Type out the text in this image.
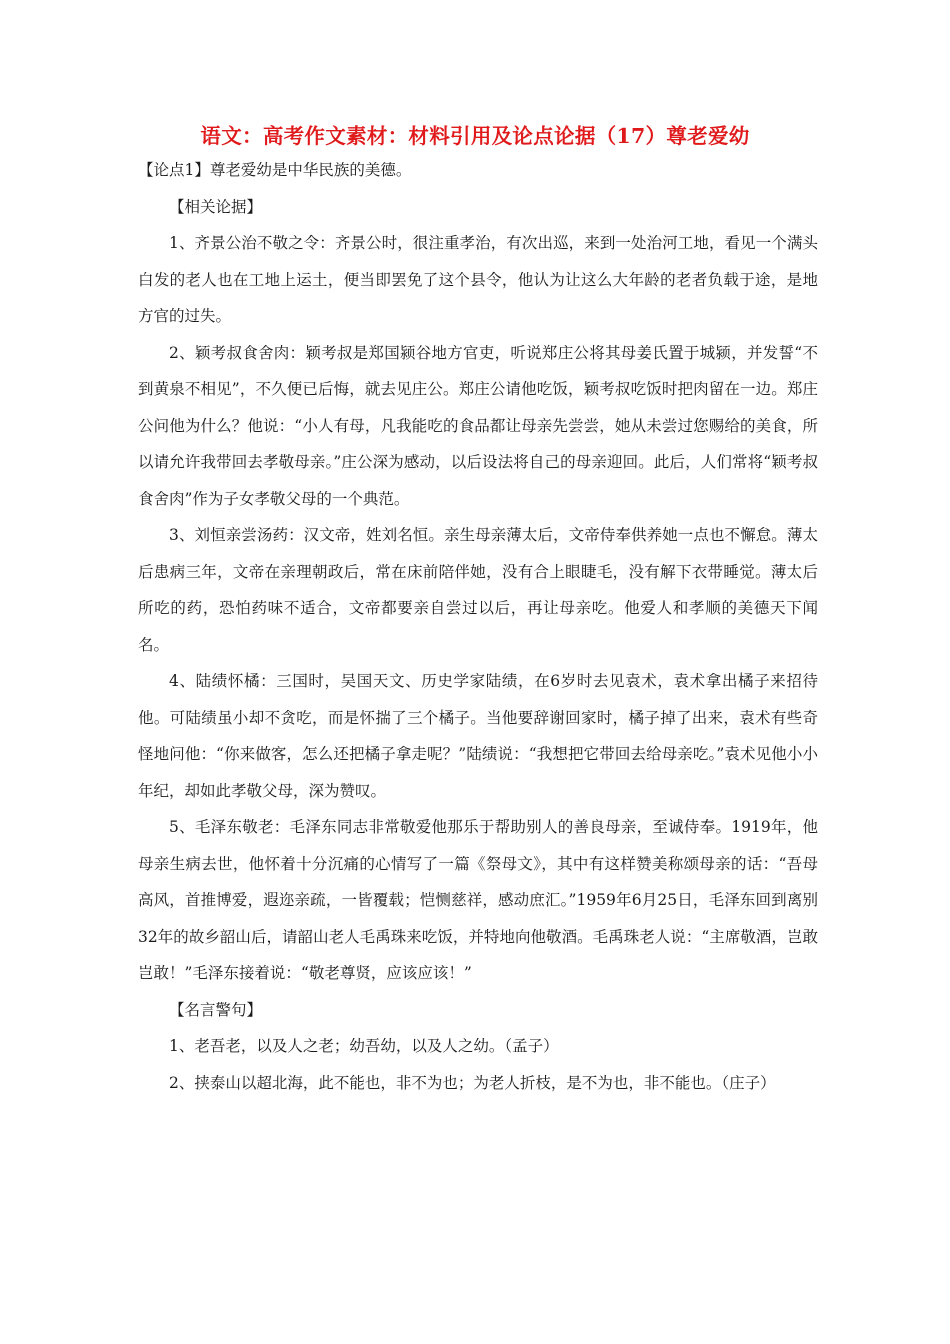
语文：高考作文素材：材料引用及论点论据（17）尊老爱幼

【论点1】尊老爱幼是中华民族的美德。

【相关论据】

1、齐景公治不敬之令：齐景公时，很注重孝治，有次出巡，来到一处治河工地，看见一个满头白发的老人也在工地上运土，便当即罢免了这个县令，他认为让这么大年龄的老者负载于途，是地方官的过失。

2、颖考叔食舍肉：颖考叔是郑国颍谷地方官吏，听说郑庄公将其母姜氏置于城颍，并发誓“不到黄泉不相见”，不久便已后悔，就去见庄公。郑庄公请他吃饭，颖考叔吃饭时把肉留在一边。郑庄公问他为什么？他说：“小人有母，凡我能吃的食品都让母亲先尝尝，她从未尝过您赐给的美食，所以请允许我带回去孝敬母亲。”庄公深为感动，以后设法将自己的母亲迎回。此后，人们常将“颖考叔食舍肉”作为子女孝敬父母的一个典范。

3、刘恒亲尝汤药：汉文帝，姓刘名恒。亲生母亲薄太后，文帝侍奉供养她一点也不懈怠。薄太后患病三年，文帝在亲理朝政后，常在床前陪伴她，没有合上眼睫毛，没有解下衣带睡觉。薄太后所吃的药，恐怕药味不适合，文帝都要亲自尝过以后，再让母亲吃。他爱人和孝顺的美德天下闻名。

4、陆绩怀橘：三国时，吴国天文、历史学家陆绩，在6岁时去见袁术，袁术拿出橘子来招待他。可陆绩虽小却不贪吃，而是怀揣了三个橘子。当他要辞谢回家时，橘子掉了出来，袁术有些奇怪地问他：“你来做客，怎么还把橘子拿走呢？”陆绩说：“我想把它带回去给母亲吃。”袁术见他小小年纪，却如此孝敬父母，深为赞叹。

5、毛泽东敬老：毛泽东同志非常敬爱他那乐于帮助别人的善良母亲，至诚侍奉。1919年，他母亲生病去世，他怀着十分沉痛的心情写了一篇《祭母文》，其中有这样赞美称颂母亲的话：“吾母高风，首推博爱，遐迩亲疏，一皆覆载；恺恻慈祥，感动庶汇。”1959年6月25日，毛泽东回到离别32年的故乡韶山后，请韶山老人毛禹珠来吃饭，并特地向他敬酒。毛禹珠老人说：“主席敬酒，岂敢岂敢！”毛泽东接着说：“敬老尊贤，应该应该！”

【名言警句】

1、老吾老，以及人之老；幼吾幼，以及人之幼。（孟子）

2、挟泰山以超北海，此不能也，非不为也；为老人折枝，是不为也，非不能也。（庄子）
